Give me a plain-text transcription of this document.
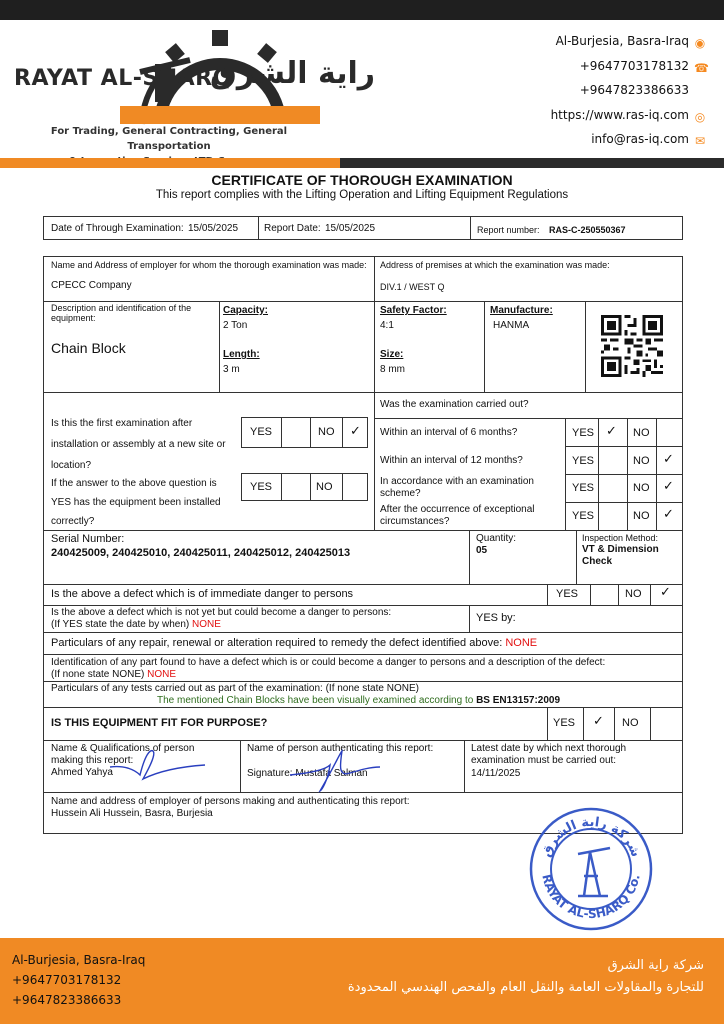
RAYAT AL-SHARQ
راية الشرق
For Trading, General Contracting, General Transportation
Al-Burjesia, Basra-Iraq ◉
+9647703178132 ☎
+9647823386633
https://www.ras-iq.com ◎
info@ras-iq.com ✉
CERTIFICATE OF THOROUGH EXAMINATION
This report complies with the Lifting Operation and Lifting Equipment Regulations
Date of Through Examination: 15/05/2025	Report Date: 15/05/2025	Report number: RAS-C-250550367
Name and Address of employer for whom the thorough examination was made:
CPECC Company
Address of premises at which the examination was made:
DIV.1 / WEST Q
Description and identification of the equipment:
Chain Block
Capacity:
2 Ton
Length:
3 m
Safety Factor:
4:1
Size:
8 mm
Manufacture:
HANMA
Is this the first examination after installation or assembly at a new site or location?
YES	NO ✓
If the answer to the above question is YES has the equipment been installed correctly?
YES	NO
Was the examination carried out?
Within an interval of 6 months?	YES ✓ NO
Within an interval of 12 months?	YES	NO ✓
In accordance with an examination scheme?	YES	NO ✓
After the occurrence of exceptional circumstances?	YES	NO ✓
Serial Number:
240425009, 240425010, 240425011, 240425012, 240425013
Quantity:
05
Inspection Method:
VT & Dimension Check
Is the above a defect which is of immediate danger to persons	YES	NO ✓
Is the above a defect which is not yet but could become a danger to persons:
(If YES state the date by when) NONE
YES by:
Particulars of any repair, renewal or alteration required to remedy the defect identified above: NONE
Identification of any part found to have a defect which is or could become a danger to persons and a description of the defect:
(If none state NONE) NONE
Particulars of any tests carried out as part of the examination: (If none state NONE)
The mentioned Chain Blocks have been visually examined according to BS EN13157:2009
IS THIS EQUIPMENT FIT FOR PURPOSE?	YES ✓ NO
Name & Qualifications of person making this report:
Ahmed Yahya
Name of person authenticating this report:
Signature: Mustafa Salman
Latest date by which next thorough examination must be carried out:
14/11/2025
Name and address of employer of persons making and authenticating this report:
Hussein Ali Hussein, Basra, Burjesia
شركة راية الشرق
RAYAT AL-SHARQ Co.
Al-Burjesia, Basra-Iraq
+9647703178132
+9647823386633
شركة راية الشرق
للتجارة والمقاولات العامة والنقل العام والفحص الهندسي المحدودة
